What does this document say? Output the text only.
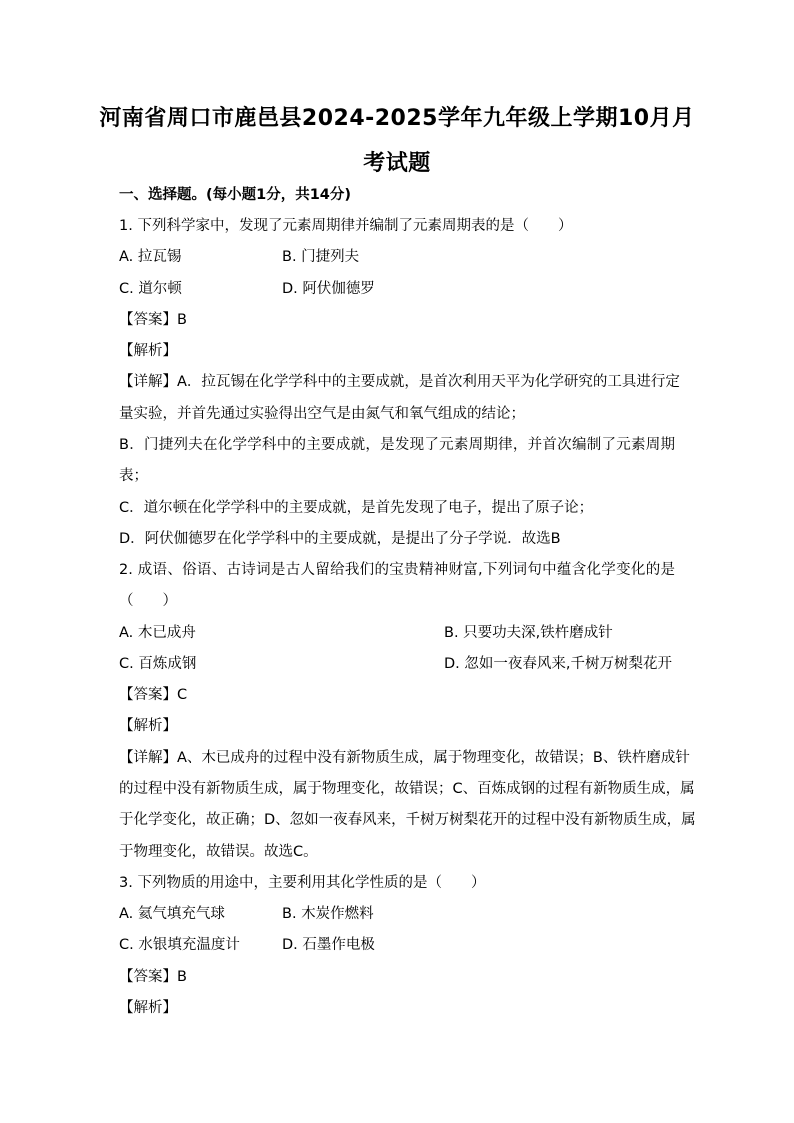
河南省周口市鹿邑县2024-2025学年九年级上学期10月月
考试题
一、选择题。(每小题1分，共14分)
1. 下列科学家中，发现了元素周期律并编制了元素周期表的是（　　）
A. 拉瓦锡	B. 门捷列夫
C. 道尔顿	D. 阿伏伽德罗
【答案】B
【解析】
【详解】A．拉瓦锡在化学学科中的主要成就，是首次利用天平为化学研究的工具进行定
量实验，并首先通过实验得出空气是由氮气和氧气组成的结论；
B．门捷列夫在化学学科中的主要成就，是发现了元素周期律，并首次编制了元素周期
表；
C．道尔顿在化学学科中的主要成就，是首先发现了电子，提出了原子论；
D．阿伏伽德罗在化学学科中的主要成就，是提出了分子学说．故选B
2. 成语、俗语、古诗词是古人留给我们的宝贵精神财富,下列词句中蕴含化学变化的是
（　　）
A. 木已成舟	B. 只要功夫深,铁杵磨成针
C. 百炼成钢	D. 忽如一夜春风来,千树万树梨花开
【答案】C
【解析】
【详解】A、木已成舟的过程中没有新物质生成，属于物理变化，故错误；B、铁杵磨成针
的过程中没有新物质生成，属于物理变化，故错误；C、百炼成钢的过程有新物质生成，属
于化学变化，故正确；D、忽如一夜春风来，千树万树梨花开的过程中没有新物质生成，属
于物理变化，故错误。故选C。
3. 下列物质的用途中，主要利用其化学性质的是（　　）
A. 氦气填充气球	B. 木炭作燃料
C. 水银填充温度计	D. 石墨作电极
【答案】B
【解析】
